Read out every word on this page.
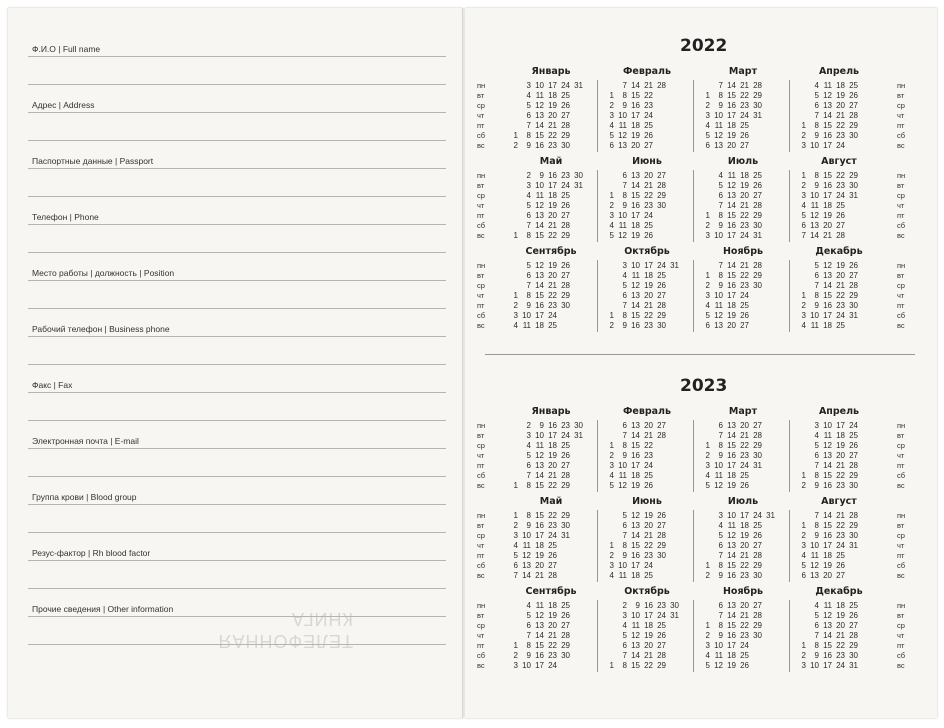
ТЕЛЕФОННАЯ
КНИГА
Ф.И.О | Full name
Адрес | Address
Паспортные данные | Passport
Телефон | Phone
Место работы | должность | Position
Рабочий телефон | Business phone
Факс | Fax
Электронная почта | E-mail
Группа крови | Blood group
Резус-фактор | Rh blood factor
Прочие сведения | Other information
2022
пн
вт
ср
чт
пт
сб
вс
пн
вт
ср
чт
пт
сб
вс
пн
вт
ср
чт
пт
сб
вс
пн
вт
ср
чт
пт
сб
вс
пн
вт
ср
чт
пт
сб
вс
пн
вт
ср
чт
пт
сб
вс
Январь
3 10 17 24 31
4 11 18 25
5 12 19 26
6 13 20 27
7 14 21 28
1 8 15 22 29
2 9 16 23 30
Февраль
7 14 21 28
1 8 15 22
2 9 16 23
3 10 17 24
4 11 18 25
5 12 19 26
6 13 20 27
Март
7 14 21 28
1 8 15 22 29
2 9 16 23 30
3 10 17 24 31
4 11 18 25
5 12 19 26
6 13 20 27
Апрель
4 11 18 25
5 12 19 26
6 13 20 27
7 14 21 28
1 8 15 22 29
2 9 16 23 30
3 10 17 24
Май
2 9 16 23 30
3 10 17 24 31
4 11 18 25
5 12 19 26
6 13 20 27
7 14 21 28
1 8 15 22 29
Июнь
6 13 20 27
7 14 21 28
1 8 15 22 29
2 9 16 23 30
3 10 17 24
4 11 18 25
5 12 19 26
Июль
4 11 18 25
5 12 19 26
6 13 20 27
7 14 21 28
1 8 15 22 29
2 9 16 23 30
3 10 17 24 31
Август
1 8 15 22 29
2 9 16 23 30
3 10 17 24 31
4 11 18 25
5 12 19 26
6 13 20 27
7 14 21 28
Сентябрь
5 12 19 26
6 13 20 27
7 14 21 28
1 8 15 22 29
2 9 16 23 30
3 10 17 24
4 11 18 25
Октябрь
3 10 17 24 31
4 11 18 25
5 12 19 26
6 13 20 27
7 14 21 28
1 8 15 22 29
2 9 16 23 30
Ноябрь
7 14 21 28
1 8 15 22 29
2 9 16 23 30
3 10 17 24
4 11 18 25
5 12 19 26
6 13 20 27
Декабрь
5 12 19 26
6 13 20 27
7 14 21 28
1 8 15 22 29
2 9 16 23 30
3 10 17 24 31
4 11 18 25
2023
пн
вт
ср
чт
пт
сб
вс
пн
вт
ср
чт
пт
сб
вс
пн
вт
ср
чт
пт
сб
вс
пн
вт
ср
чт
пт
сб
вс
пн
вт
ср
чт
пт
сб
вс
пн
вт
ср
чт
пт
сб
вс
Январь
2 9 16 23 30
3 10 17 24 31
4 11 18 25
5 12 19 26
6 13 20 27
7 14 21 28
1 8 15 22 29
Февраль
6 13 20 27
7 14 21 28
1 8 15 22
2 9 16 23
3 10 17 24
4 11 18 25
5 12 19 26
Март
6 13 20 27
7 14 21 28
1 8 15 22 29
2 9 16 23 30
3 10 17 24 31
4 11 18 25
5 12 19 26
Апрель
3 10 17 24
4 11 18 25
5 12 19 26
6 13 20 27
7 14 21 28
1 8 15 22 29
2 9 16 23 30
Май
1 8 15 22 29
2 9 16 23 30
3 10 17 24 31
4 11 18 25
5 12 19 26
6 13 20 27
7 14 21 28
Июнь
5 12 19 26
6 13 20 27
7 14 21 28
1 8 15 22 29
2 9 16 23 30
3 10 17 24
4 11 18 25
Июль
3 10 17 24 31
4 11 18 25
5 12 19 26
6 13 20 27
7 14 21 28
1 8 15 22 29
2 9 16 23 30
Август
7 14 21 28
1 8 15 22 29
2 9 16 23 30
3 10 17 24 31
4 11 18 25
5 12 19 26
6 13 20 27
Сентябрь
4 11 18 25
5 12 19 26
6 13 20 27
7 14 21 28
1 8 15 22 29
2 9 16 23 30
3 10 17 24
Октябрь
2 9 16 23 30
3 10 17 24 31
4 11 18 25
5 12 19 26
6 13 20 27
7 14 21 28
1 8 15 22 29
Ноябрь
6 13 20 27
7 14 21 28
1 8 15 22 29
2 9 16 23 30
3 10 17 24
4 11 18 25
5 12 19 26
Декабрь
4 11 18 25
5 12 19 26
6 13 20 27
7 14 21 28
1 8 15 22 29
2 9 16 23 30
3 10 17 24 31
